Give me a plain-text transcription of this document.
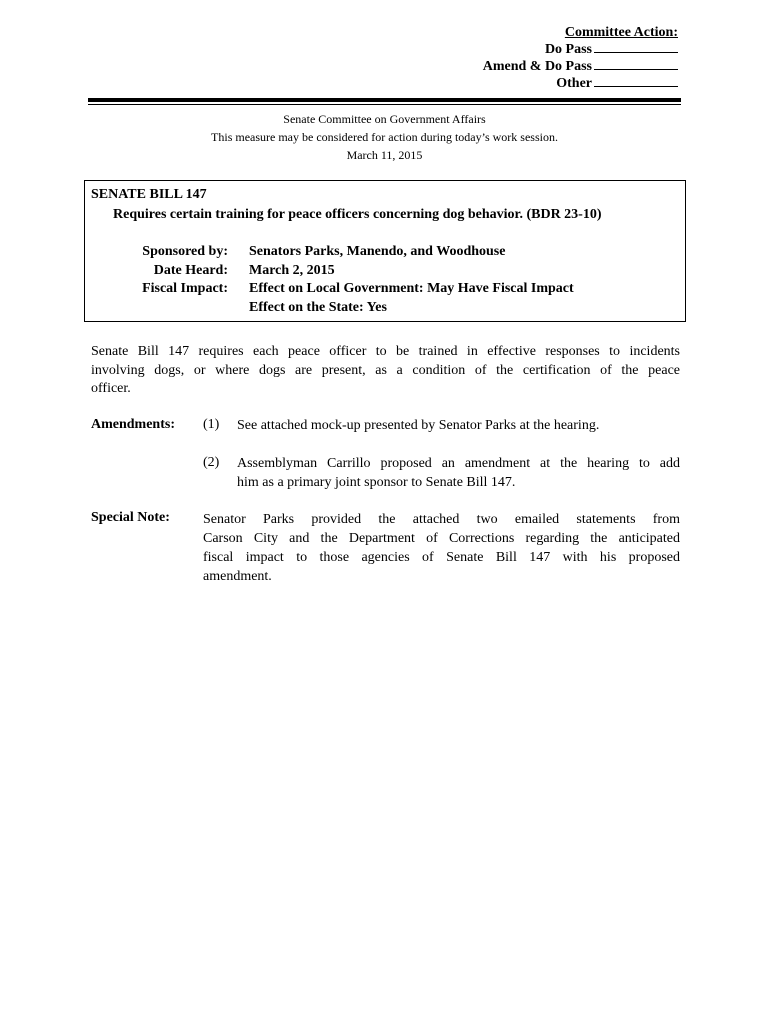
Committee Action:
Do Pass
Amend & Do Pass
Other
Senate Committee on Government Affairs
This measure may be considered for action during today’s work session.
March 11, 2015
SENATE BILL 147
Requires certain training for peace officers concerning dog behavior. (BDR 23-10)
Sponsored by: Senators Parks, Manendo, and Woodhouse
Date Heard: March 2, 2015
Fiscal Impact: Effect on Local Government: May Have Fiscal Impact
Effect on the State: Yes
Senate Bill 147 requires each peace officer to be trained in effective responses to incidents
involving dogs, or where dogs are present, as a condition of the certification of the peace
officer.
Amendments: (1) See attached mock-up presented by Senator Parks at the hearing.
(2) Assemblyman Carrillo proposed an amendment at the hearing to add
him as a primary joint sponsor to Senate Bill 147.
Special Note: Senator Parks provided the attached two emailed statements from
Carson City and the Department of Corrections regarding the anticipated
fiscal impact to those agencies of Senate Bill 147 with his proposed
amendment.
